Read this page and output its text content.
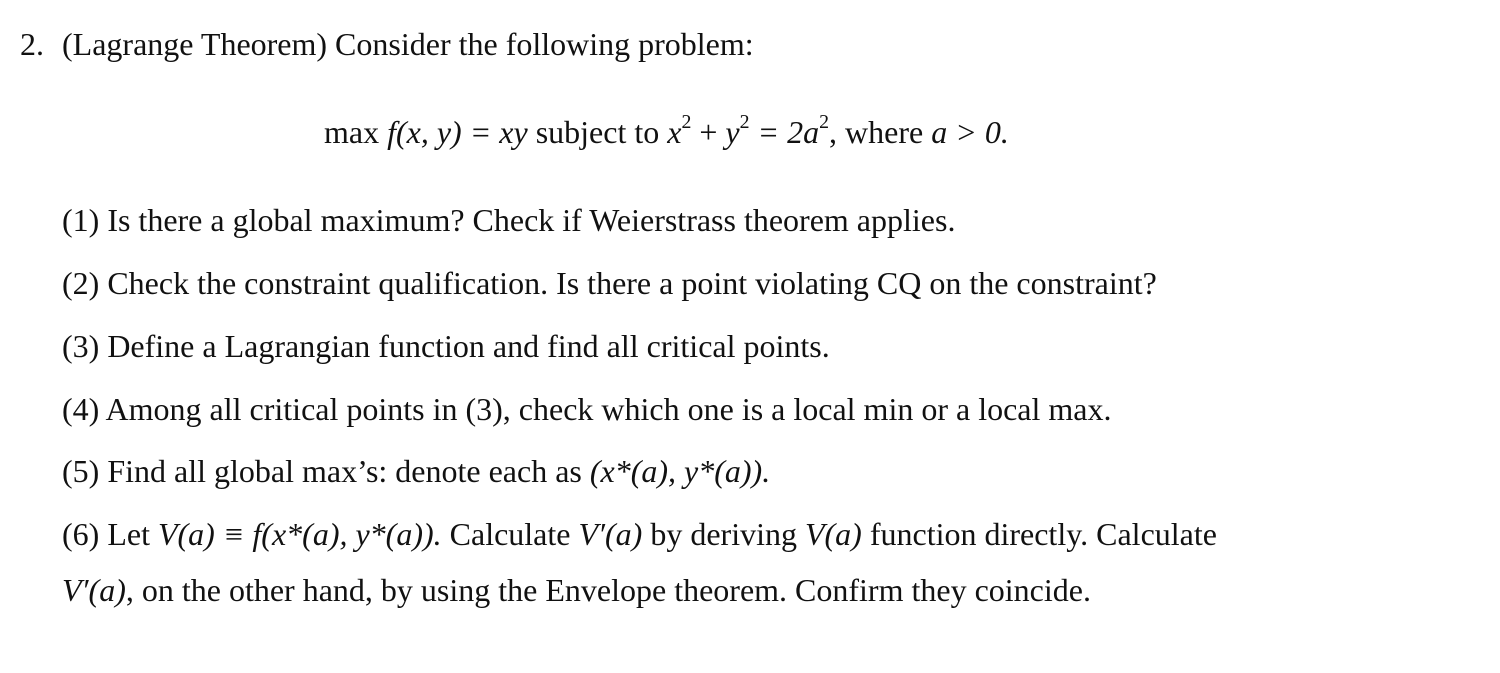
2. (Lagrange Theorem) Consider the following problem:
max f(x, y) = xy subject to $x^2 + y^2 = 2a^2$, where a > 0.
(1) Is there a global maximum? Check if Weierstrass theorem applies.
(2) Check the constraint qualification. Is there a point violating CQ on the constraint?
(3) Define a Lagrangian function and find all critical points.
(4) Among all critical points in (3), check which one is a local min or a local max.
(5) Find all global max’s: denote each as (x*(a), y*(a)).
(6) Let V(a) ≡ f(x*(a), y*(a)). Calculate V′(a) by deriving V(a) function directly. Calculate
V′(a), on the other hand, by using the Envelope theorem. Confirm they coincide.
